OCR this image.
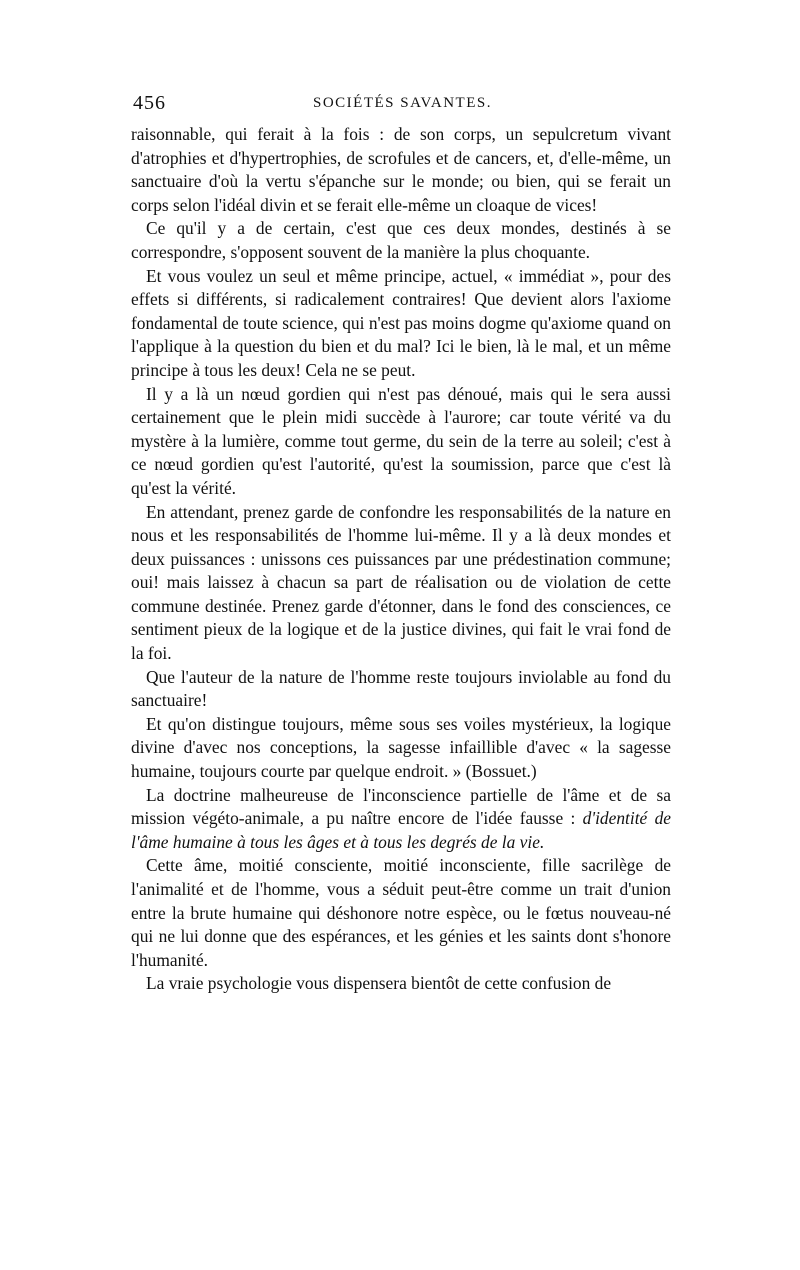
456	SOCIÉTÉS SAVANTES.

raisonnable, qui ferait à la fois : de son corps, un sepulcretum vivant d'atrophies et d'hypertrophies, de scrofules et de cancers, et, d'elle-même, un sanctuaire d'où la vertu s'épanche sur le monde; ou bien, qui se ferait un corps selon l'idéal divin et se ferait elle-même un cloaque de vices!

Ce qu'il y a de certain, c'est que ces deux mondes, destinés à se correspondre, s'opposent souvent de la manière la plus choquante.

Et vous voulez un seul et même principe, actuel, « immédiat », pour des effets si différents, si radicalement contraires! Que devient alors l'axiome fondamental de toute science, qui n'est pas moins dogme qu'axiome quand on l'applique à la question du bien et du mal? Ici le bien, là le mal, et un même principe à tous les deux! Cela ne se peut.

Il y a là un nœud gordien qui n'est pas dénoué, mais qui le sera aussi certainement que le plein midi succède à l'aurore; car toute vérité va du mystère à la lumière, comme tout germe, du sein de la terre au soleil; c'est à ce nœud gordien qu'est l'autorité, qu'est la soumission, parce que c'est là qu'est la vérité.

En attendant, prenez garde de confondre les responsabilités de la nature en nous et les responsabilités de l'homme lui-même. Il y a là deux mondes et deux puissances : unissons ces puissances par une prédestination commune; oui! mais laissez à chacun sa part de réalisation ou de violation de cette commune destinée. Prenez garde d'étonner, dans le fond des consciences, ce sentiment pieux de la logique et de la justice divines, qui fait le vrai fond de la foi.

Que l'auteur de la nature de l'homme reste toujours inviolable au fond du sanctuaire!

Et qu'on distingue toujours, même sous ses voiles mystérieux, la logique divine d'avec nos conceptions, la sagesse infaillible d'avec « la sagesse humaine, toujours courte par quelque endroit. » (Bossuet.)

La doctrine malheureuse de l'inconscience partielle de l'âme et de sa mission végéto-animale, a pu naître encore de l'idée fausse : d'identité de l'âme humaine à tous les âges et à tous les degrés de la vie.

Cette âme, moitié consciente, moitié inconsciente, fille sacrilège de l'animalité et de l'homme, vous a séduit peut-être comme un trait d'union entre la brute humaine qui déshonore notre espèce, ou le fœtus nouveau-né qui ne lui donne que des espérances, et les génies et les saints dont s'honore l'humanité.

La vraie psychologie vous dispensera bientôt de cette confusion de
